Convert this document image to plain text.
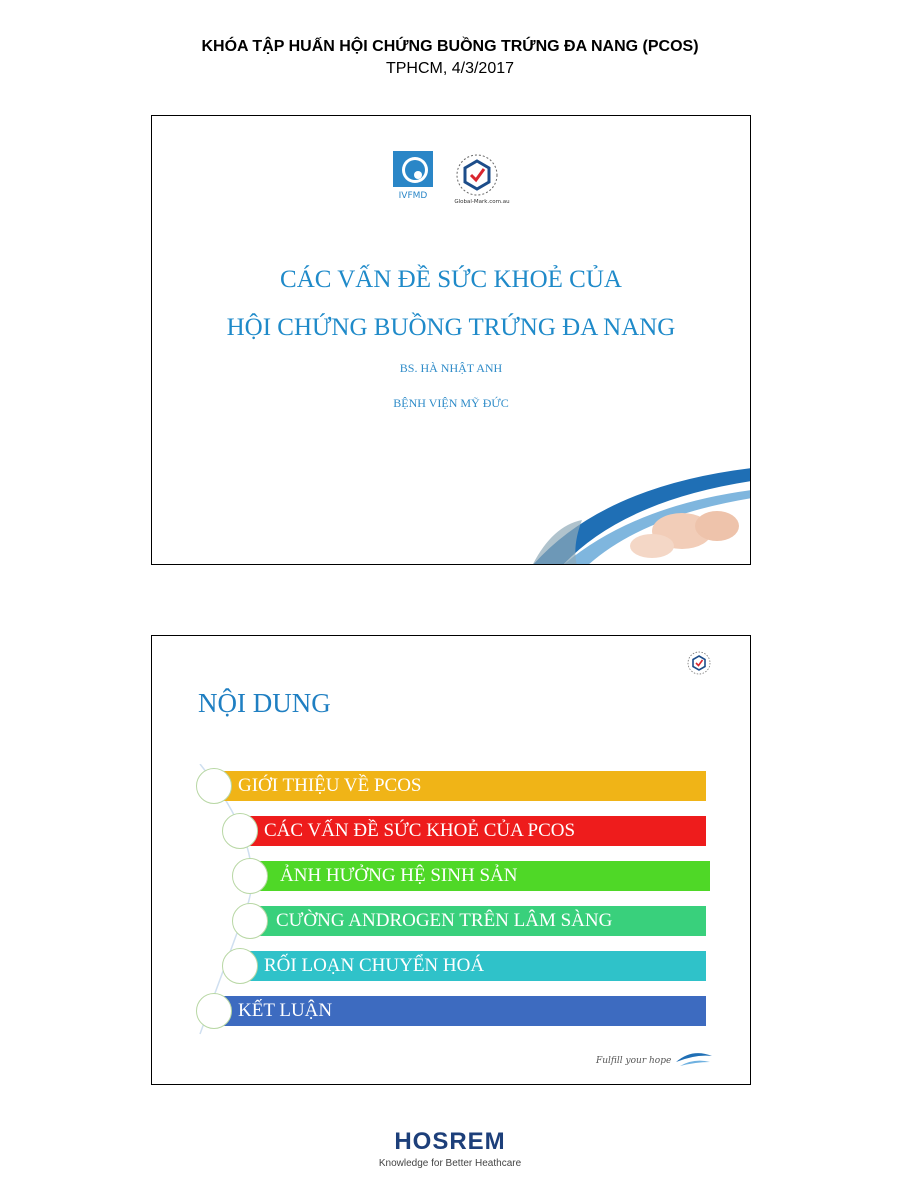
KHÓA TẬP HUẤN HỘI CHỨNG BUỒNG TRỨNG ĐA NANG (PCOS)
TPHCM, 4/3/2017
IVFMD
Global-Mark.com.au
CÁC VẤN ĐỀ SỨC KHOẺ CỦA
HỘI CHỨNG BUỒNG TRỨNG ĐA NANG
BS. HÀ NHẬT ANH
BỆNH VIỆN MỸ ĐỨC
NỘI DUNG
GIỚI THIỆU VỀ PCOS
CÁC VẤN ĐỀ SỨC KHOẺ CỦA PCOS
ẢNH HƯỞNG HỆ SINH SẢN
CƯỜNG ANDROGEN TRÊN LÂM SÀNG
RỐI LOẠN CHUYỂN HOÁ
KẾT LUẬN
Fulfill your hope
HOSREM
Knowledge for Better Heathcare
